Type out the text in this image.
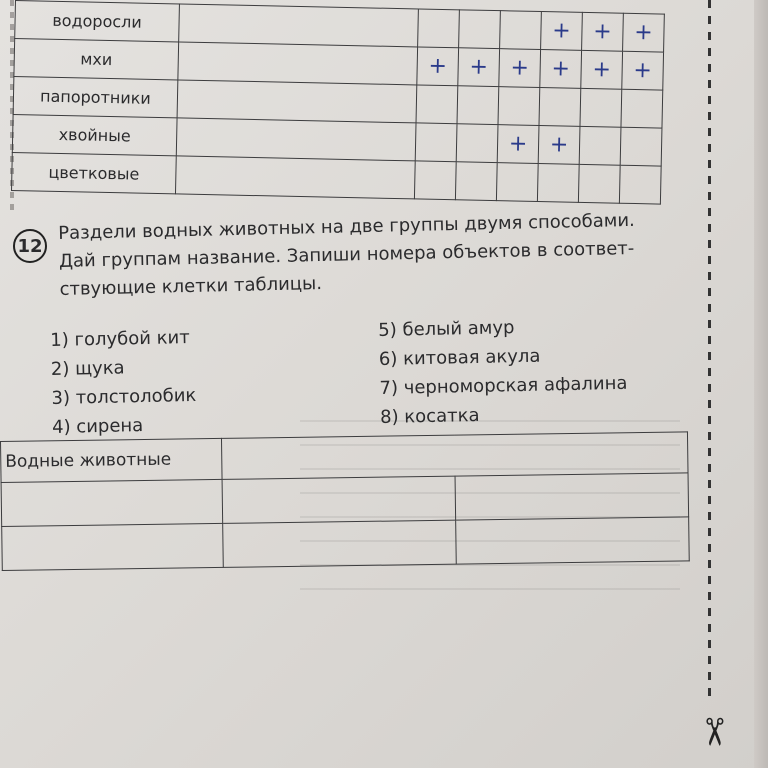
водоросли					+	+	+
мхи		+	+	+	+	+	+
папоротники							
хвойные				+	+		
цветковые							
12
Раздели водных животных на две группы двумя способами.
Дай группам название. Запиши номера объектов в соответ-
ствующие клетки таблицы.
1) голубой кит
2) щука
3) толстолобик
4) сирена
5) белый амур
6) китовая акула
7) черноморская афалина
8) косатка
Водные животные		

✂
